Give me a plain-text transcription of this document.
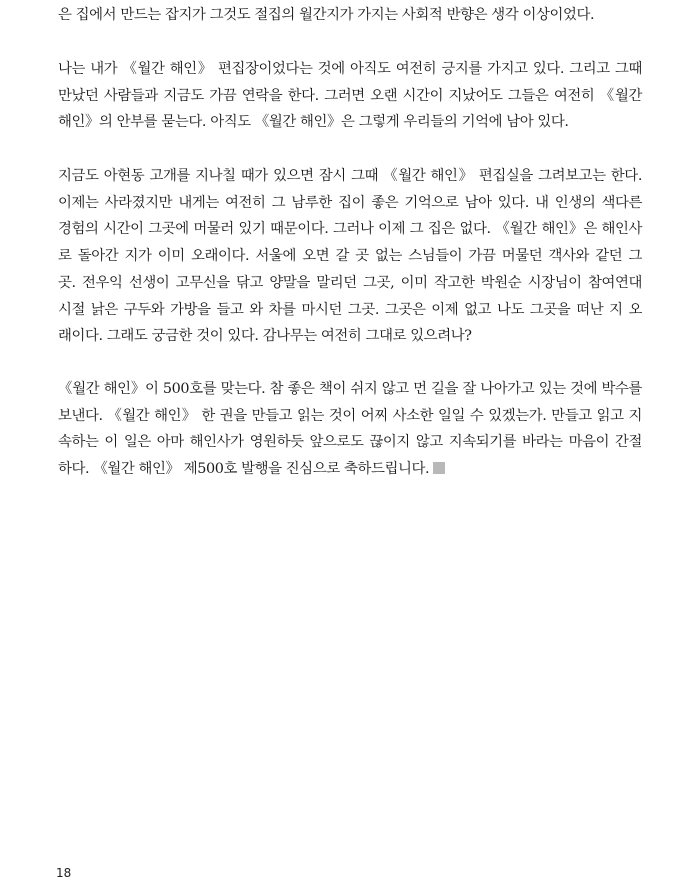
은 집에서 만드는 잡지가 그것도 절집의 월간지가 가지는 사회적 반향은 생각 이상이었다.

나는 내가 《월간 해인》 편집장이었다는 것에 아직도 여전히 긍지를 가지고 있다. 그리고 그때
만났던 사람들과 지금도 가끔 연락을 한다. 그러면 오랜 시간이 지났어도 그들은 여전히 《월간
해인》의 안부를 묻는다. 아직도 《월간 해인》은 그렇게 우리들의 기억에 남아 있다.

지금도 아현동 고개를 지나칠 때가 있으면 잠시 그때 《월간 해인》 편집실을 그려보고는 한다.
이제는 사라졌지만 내게는 여전히 그 남루한 집이 좋은 기억으로 남아 있다. 내 인생의 색다른
경험의 시간이 그곳에 머물러 있기 때문이다. 그러나 이제 그 집은 없다. 《월간 해인》은 해인사
로 돌아간 지가 이미 오래이다. 서울에 오면 갈 곳 없는 스님들이 가끔 머물던 객사와 같던 그
곳. 전우익 선생이 고무신을 닦고 양말을 말리던 그곳, 이미 작고한 박원순 시장님이 참여연대
시절 낡은 구두와 가방을 들고 와 차를 마시던 그곳. 그곳은 이제 없고 나도 그곳을 떠난 지 오
래이다. 그래도 궁금한 것이 있다. 감나무는 여전히 그대로 있으려나?

《월간 해인》이 500호를 맞는다. 참 좋은 책이 쉬지 않고 먼 길을 잘 나아가고 있는 것에 박수를
보낸다. 《월간 해인》 한 권을 만들고 읽는 것이 어찌 사소한 일일 수 있겠는가. 만들고 읽고 지
속하는 이 일은 아마 해인사가 영원하듯 앞으로도 끊이지 않고 지속되기를 바라는 마음이 간절
하다. 《월간 해인》 제500호 발행을 진심으로 축하드립니다.

18
